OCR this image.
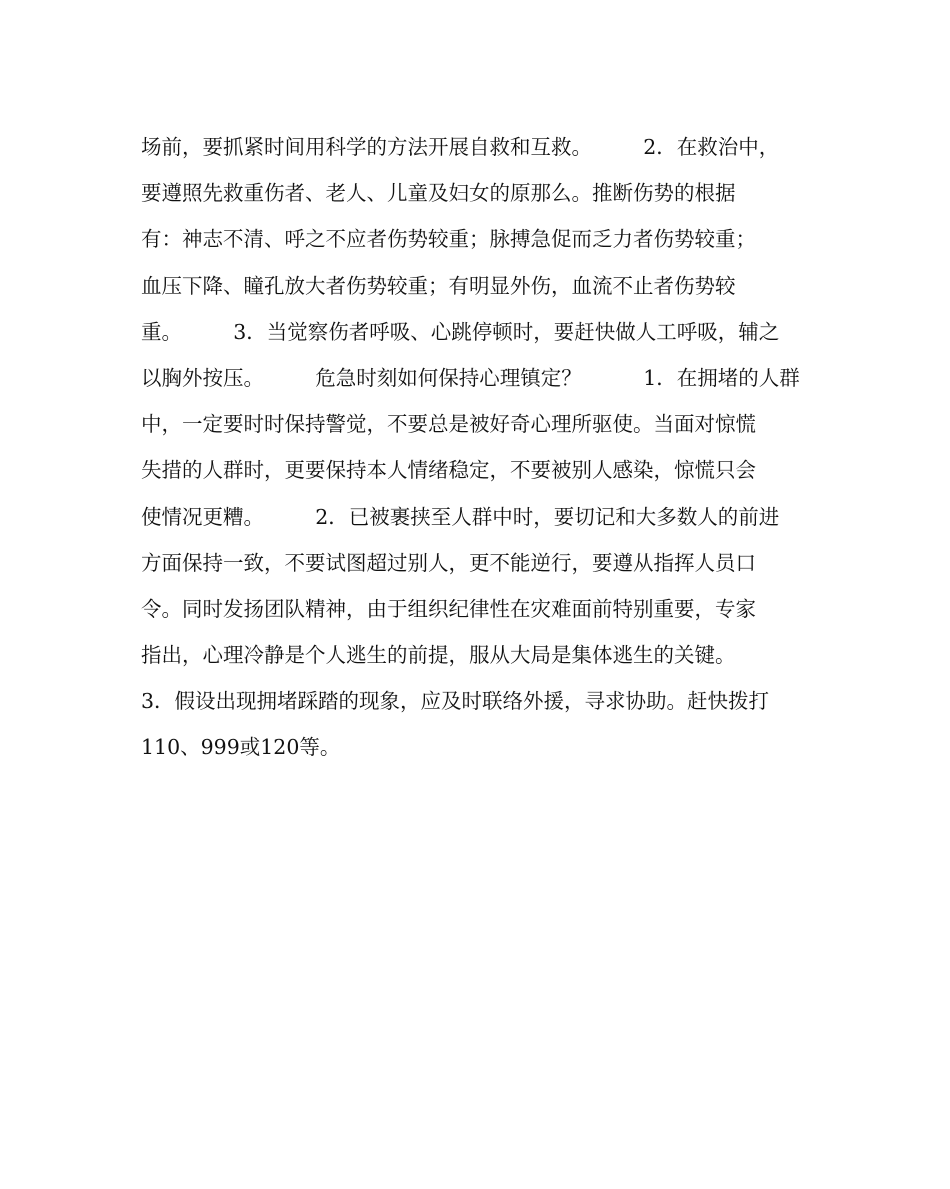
场前，要抓紧时间用科学的方法开展自救和互救。　　　2．在救治中，
要遵照先救重伤者、老人、儿童及妇女的原那么。推断伤势的根据
有：神志不清、呼之不应者伤势较重；脉搏急促而乏力者伤势较重；
血压下降、瞳孔放大者伤势较重；有明显外伤，血流不止者伤势较
重。　　　3．当觉察伤者呼吸、心跳停顿时，要赶快做人工呼吸，辅之
以胸外按压。　　　危急时刻如何保持心理镇定？　　　1．在拥堵的人群
中，一定要时时保持警觉，不要总是被好奇心理所驱使。当面对惊慌
失措的人群时，更要保持本人情绪稳定，不要被别人感染，惊慌只会
使情况更糟。　　　2．已被裹挟至人群中时，要切记和大多数人的前进
方面保持一致，不要试图超过别人，更不能逆行，要遵从指挥人员口
令。同时发扬团队精神，由于组织纪律性在灾难面前特别重要，专家
指出，心理冷静是个人逃生的前提，服从大局是集体逃生的关键。
3．假设出现拥堵踩踏的现象，应及时联络外援，寻求协助。赶快拨打
110、999或120等。
